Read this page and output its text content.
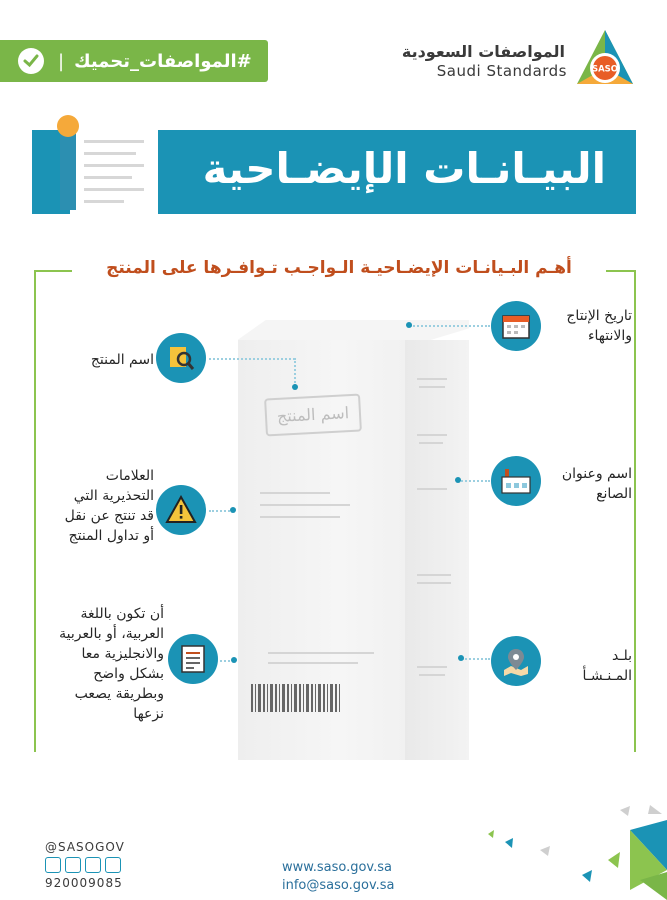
| #المواصفات_تحميك	المواصفات السعودية
Saudi Standards	SASO
البيـانـات الإيضـاحية
أهـم البـيانـات الإيضـاحيـة الـواجـب تـوافـرها على المنتج
اسم المنتج
اسم المنتج
العلامات
التحذيرية التي
قد تنتج عن نقل
أو تداول المنتج
أن تكون باللغة
العربية، أو بالعربية
والانجليزية معا
بشكل واضح
وبطريقة يصعب
نزعها
تاريخ الإنتاج
والانتهاء
اسم وعنوان
الصانع
بلـد
المـنـشـأ
@SASOGOV
920009085
www.saso.gov.sa
info@saso.gov.sa
